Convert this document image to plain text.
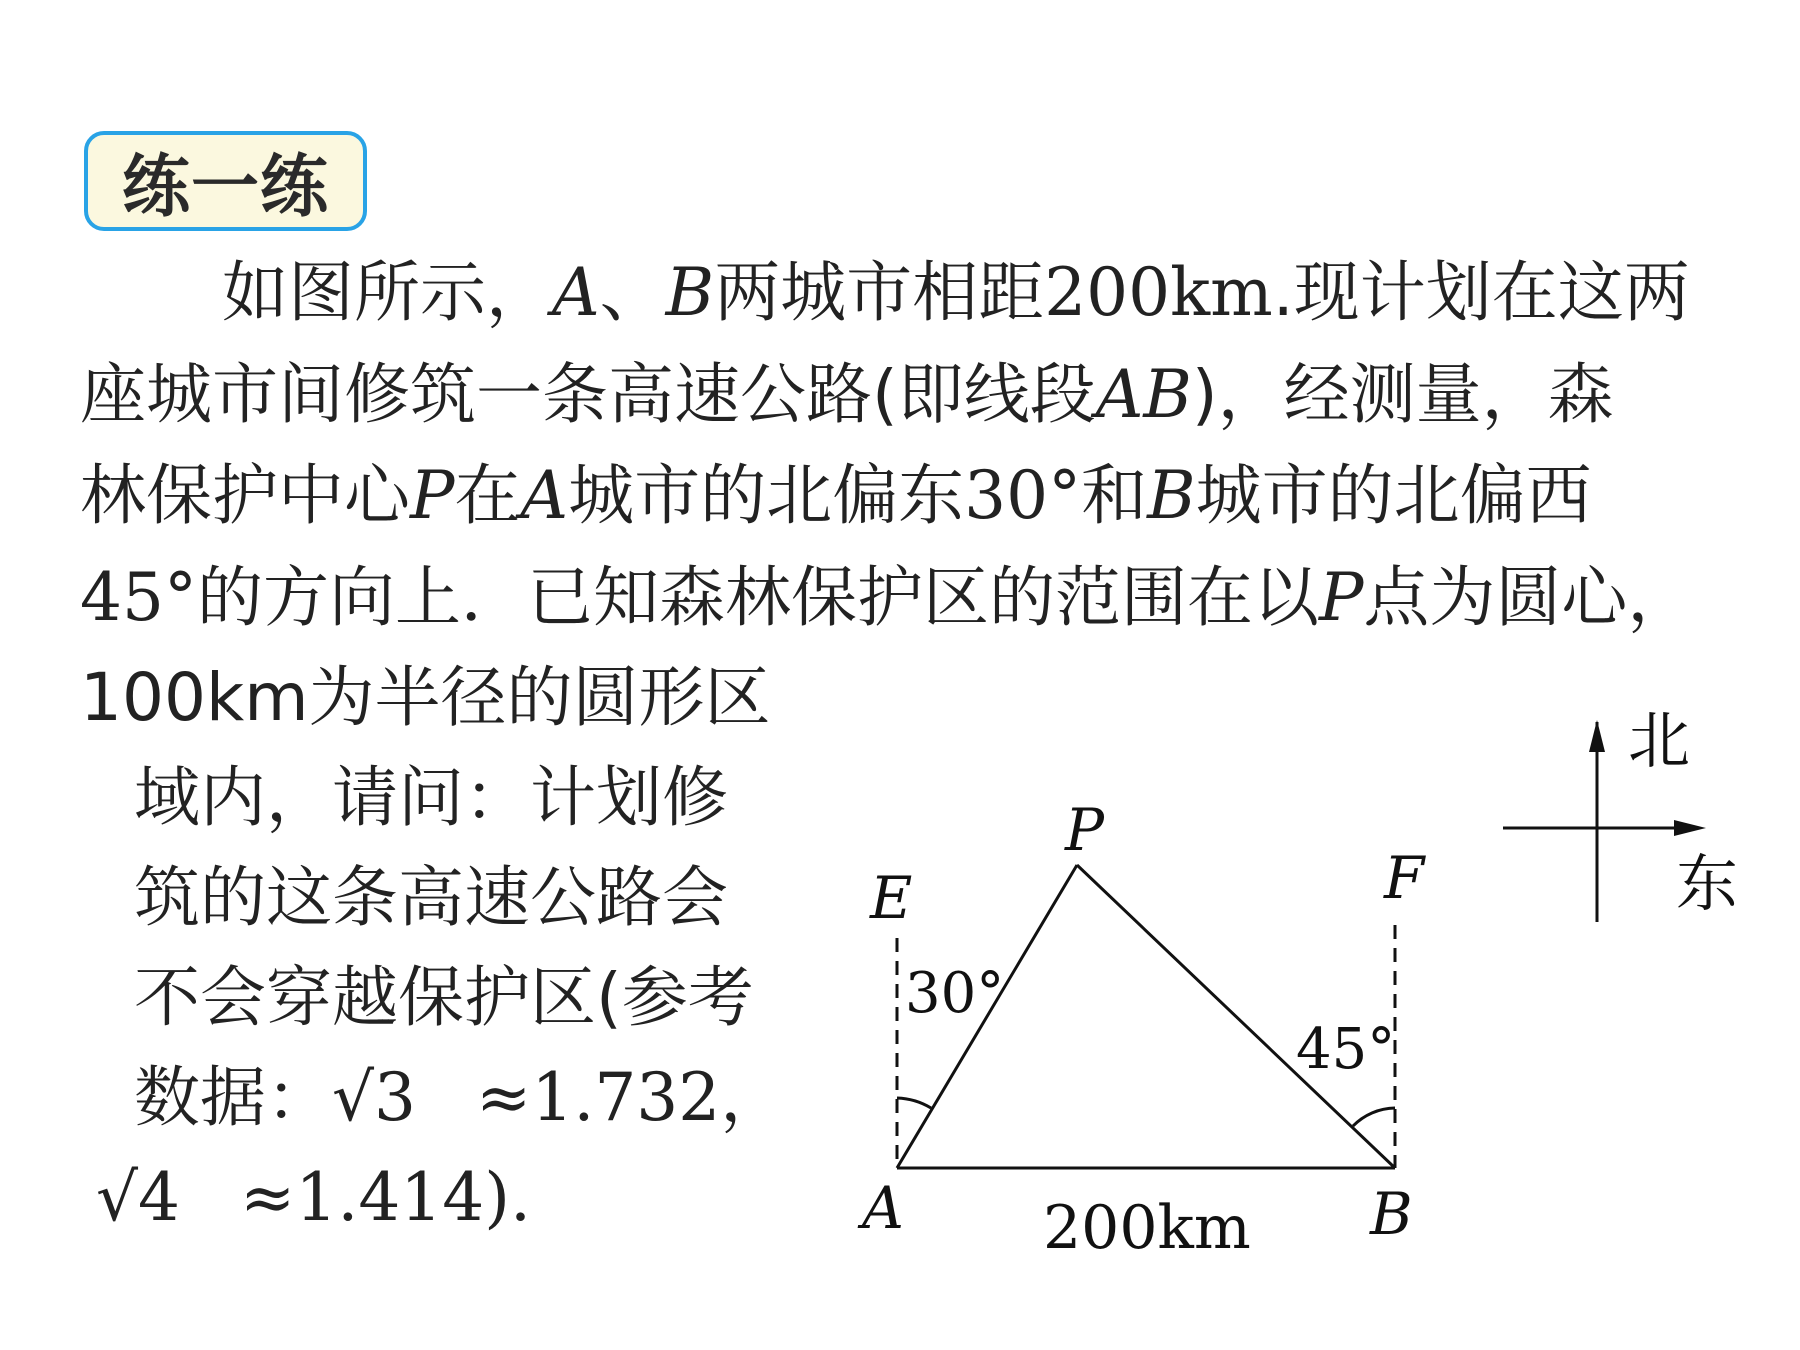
练一练
如图所示，A、B两城市相距200km.现计划在这两
座城市间修筑一条高速公路(即线段AB)，经测量，森
林保护中心P在A城市的北偏东30°和B城市的北偏西
45°的方向上．已知森林保护区的范围在以P点为圆心，
100km为半径的圆形区
域内，请问：计划修
筑的这条高速公路会
不会穿越保护区(参考
数据：√3 ≈1.732，
√4 ≈1.414).
P
E	F
A	B
30°
45°
200km
北
东
